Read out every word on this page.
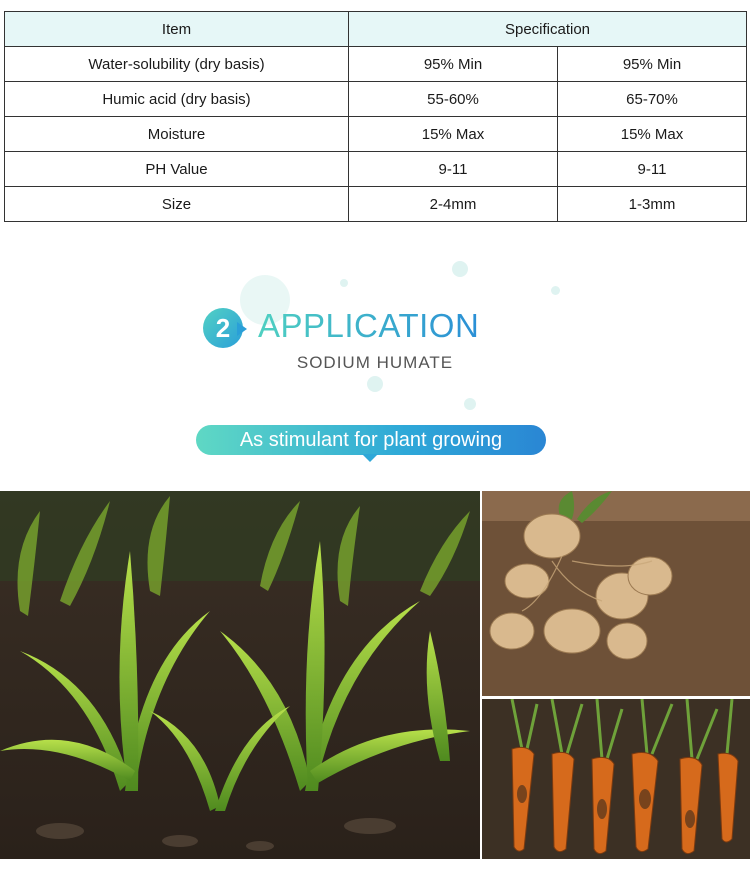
Item	Specification	
Water-solubility (dry basis)	95% Min	95% Min
Humic acid (dry basis)	55-60%	65-70%
Moisture	15% Max	15% Max
PH Value	9-11	9-11
Size	2-4mm	1-3mm
2 APPLICATION
SODIUM HUMATE
As stimulant for plant growing
